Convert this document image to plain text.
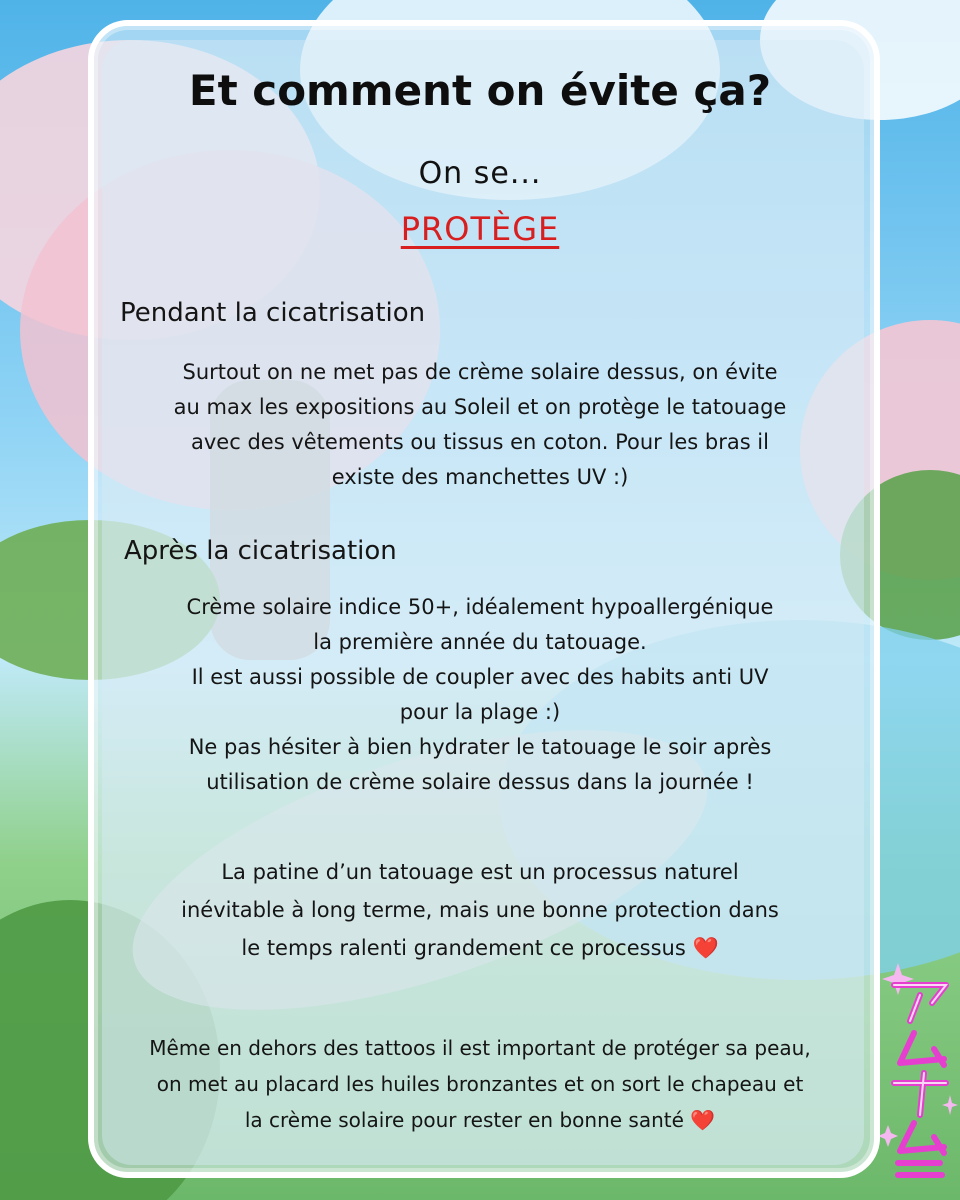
Et comment on évite ça?
On se...
PROTÈGE
Pendant la cicatrisation
Surtout on ne met pas de crème solaire dessus, on évite
au max les expositions au Soleil et on protège le tatouage
avec des vêtements ou tissus en coton. Pour les bras il
existe des manchettes UV :)
Après la cicatrisation
Crème solaire indice 50+, idéalement hypoallergénique
la première année du tatouage.
Il est aussi possible de coupler avec des habits anti UV
pour la plage :)
Ne pas hésiter à bien hydrater le tatouage le soir après
utilisation de crème solaire dessus dans la journée !
La patine d’un tatouage est un processus naturel
inévitable à long terme, mais une bonne protection dans
le temps ralenti grandement ce processus ❤️
Même en dehors des tattoos il est important de protéger sa peau,
on met au placard les huiles bronzantes et on sort le chapeau et
la crème solaire pour rester en bonne santé ❤️
